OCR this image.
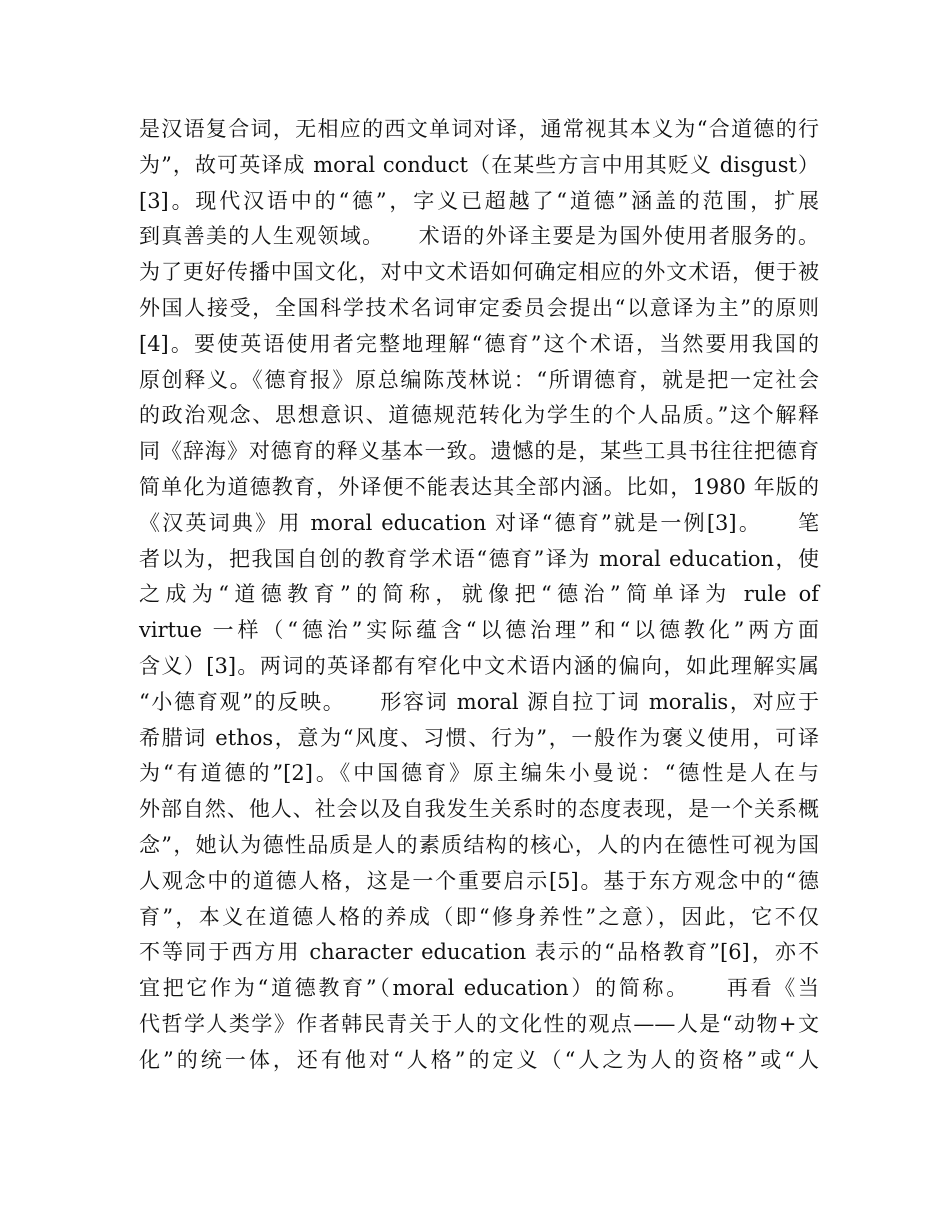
是汉语复合词，无相应的西文单词对译，通常视其本义为“合道德的行
为”，故可英译成 moral conduct（在某些方言中用其贬义 disgust）
[3]。现代汉语中的“德”，字义已超越了“道德”涵盖的范围，扩展
到真善美的人生观领域。　　术语的外译主要是为国外使用者服务的。
为了更好传播中国文化，对中文术语如何确定相应的外文术语，便于被
外国人接受，全国科学技术名词审定委员会提出“以意译为主”的原则
[4]。要使英语使用者完整地理解“德育”这个术语，当然要用我国的
原创释义。《德育报》原总编陈茂林说：“所谓德育，就是把一定社会
的政治观念、思想意识、道德规范转化为学生的个人品质。”这个解释
同《辞海》对德育的释义基本一致。遗憾的是，某些工具书往往把德育
简单化为道德教育，外译便不能表达其全部内涵。比如，1980 年版的
《汉英词典》用 moral education 对译“德育”就是一例[3]。　　笔
者以为，把我国自创的教育学术语“德育”译为 moral education，使
之成为“道德教育”的简称，就像把“德治”简单译为 rule of
virtue 一样（“德治”实际蕴含“以德治理”和“以德教化”两方面
含义）[3]。两词的英译都有窄化中文术语内涵的偏向，如此理解实属
“小德育观”的反映。　　形容词 moral 源自拉丁词 moralis，对应于
希腊词 ethos，意为“风度、习惯、行为”，一般作为褒义使用，可译
为“有道德的”[2]。《中国德育》原主编朱小曼说：“德性是人在与
外部自然、他人、社会以及自我发生关系时的态度表现，是一个关系概
念”，她认为德性品质是人的素质结构的核心，人的内在德性可视为国
人观念中的道德人格，这是一个重要启示[5]。基于东方观念中的“德
育”，本义在道德人格的养成（即“修身养性”之意），因此，它不仅
不等同于西方用 character education 表示的“品格教育”[6]，亦不
宜把它作为“道德教育”（moral education）的简称。　　再看《当
代哲学人类学》作者韩民青关于人的文化性的观点——人是“动物+文
化”的统一体，还有他对“人格”的定义（“人之为人的资格”或“人
